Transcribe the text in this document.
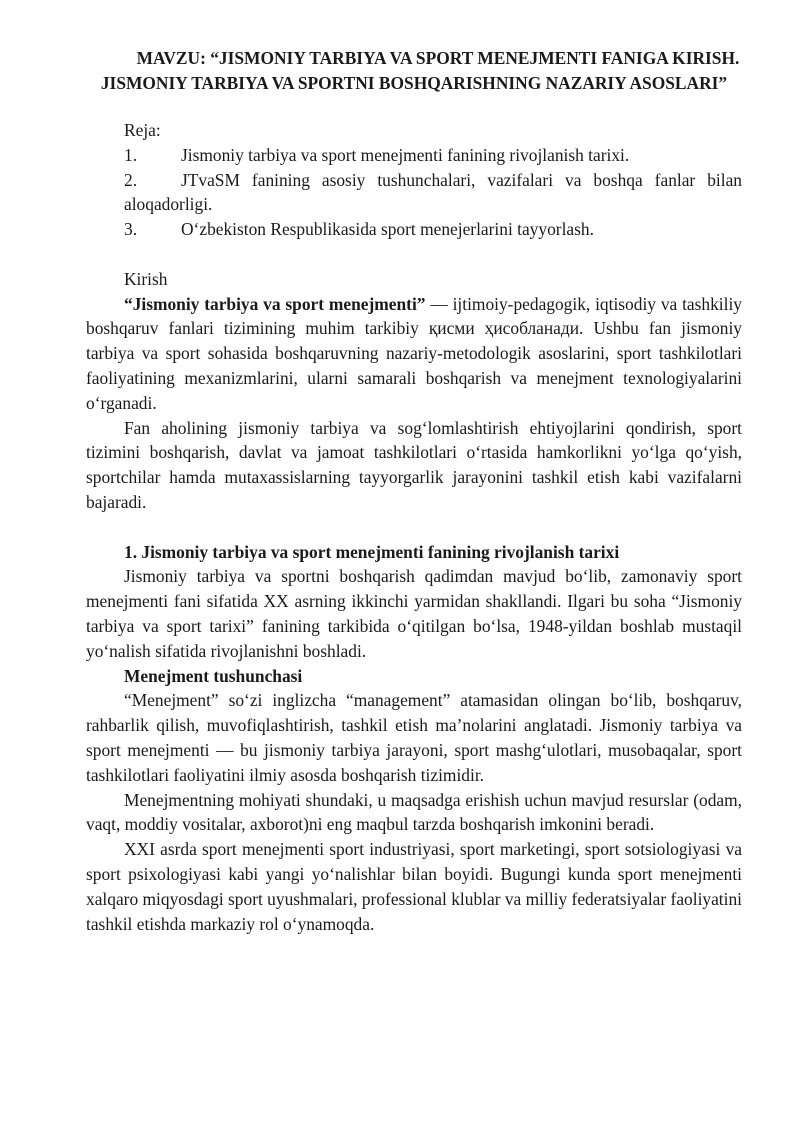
MAVZU: “JISMONIY TARBIYA VA SPORT MENEJMENTI FANIGA KIRISH. JISMONIY TARBIYA VA SPORTNI BOSHQARISHNING NAZARIY ASOSLARI”

Reja:

1.	Jismoniy tarbiya va sport menejmenti fanining rivojlanish tarixi.

2.	JTvaSM fanining asosiy tushunchalari, vazifalari va boshqa fanlar bilan aloqadorligi.

3.	O‘zbekiston Respublikasida sport menejerlarini tayyorlash.

Kirish

“Jismoniy tarbiya va sport menejmenti” — ijtimoiy-pedagogik, iqtisodiy va tashkiliy boshqaruv fanlari tizimining muhim tarkibiy қисми ҳисобланади. Ushbu fan jismoniy tarbiya va sport sohasida boshqaruvning nazariy-metodologik asoslarini, sport tashkilotlari faoliyatining mexanizmlarini, ularni samarali boshqarish va menejment texnologiyalarini o‘rganadi.

Fan aholining jismoniy tarbiya va sog‘lomlashtirish ehtiyojlarini qondirish, sport tizimini boshqarish, davlat va jamoat tashkilotlari o‘rtasida hamkorlikni yo‘lga qo‘yish, sportchilar hamda mutaxassislarning tayyorgarlik jarayonini tashkil etish kabi vazifalarni bajaradi.

1. Jismoniy tarbiya va sport menejmenti fanining rivojlanish tarixi

Jismoniy tarbiya va sportni boshqarish qadimdan mavjud bo‘lib, zamonaviy sport menejmenti fani sifatida XX asrning ikkinchi yarmidan shakllandi. Ilgari bu soha “Jismoniy tarbiya va sport tarixi” fanining tarkibida o‘qitilgan bo‘lsa, 1948-yildan boshlab mustaqil yo‘nalish sifatida rivojlanishni boshladi.

Menejment tushunchasi

“Menejment” so‘zi inglizcha “management” atamasidan olingan bo‘lib, boshqaruv, rahbarlik qilish, muvofiqlashtirish, tashkil etish ma’nolarini anglatadi. Jismoniy tarbiya va sport menejmenti — bu jismoniy tarbiya jarayoni, sport mashg‘ulotlari, musobaqalar, sport tashkilotlari faoliyatini ilmiy asosda boshqarish tizimidir.

Menejmentning mohiyati shundaki, u maqsadga erishish uchun mavjud resurslar (odam, vaqt, moddiy vositalar, axborot)ni eng maqbul tarzda boshqarish imkonini beradi.

XXI asrda sport menejmenti sport industriyasi, sport marketingi, sport sotsiologiyasi va sport psixologiyasi kabi yangi yo‘nalishlar bilan boyidi. Bugungi kunda sport menejmenti xalqaro miqyosdagi sport uyushmalari, professional klublar va milliy federatsiyalar faoliyatini tashkil etishda markaziy rol o‘ynamoqda.
